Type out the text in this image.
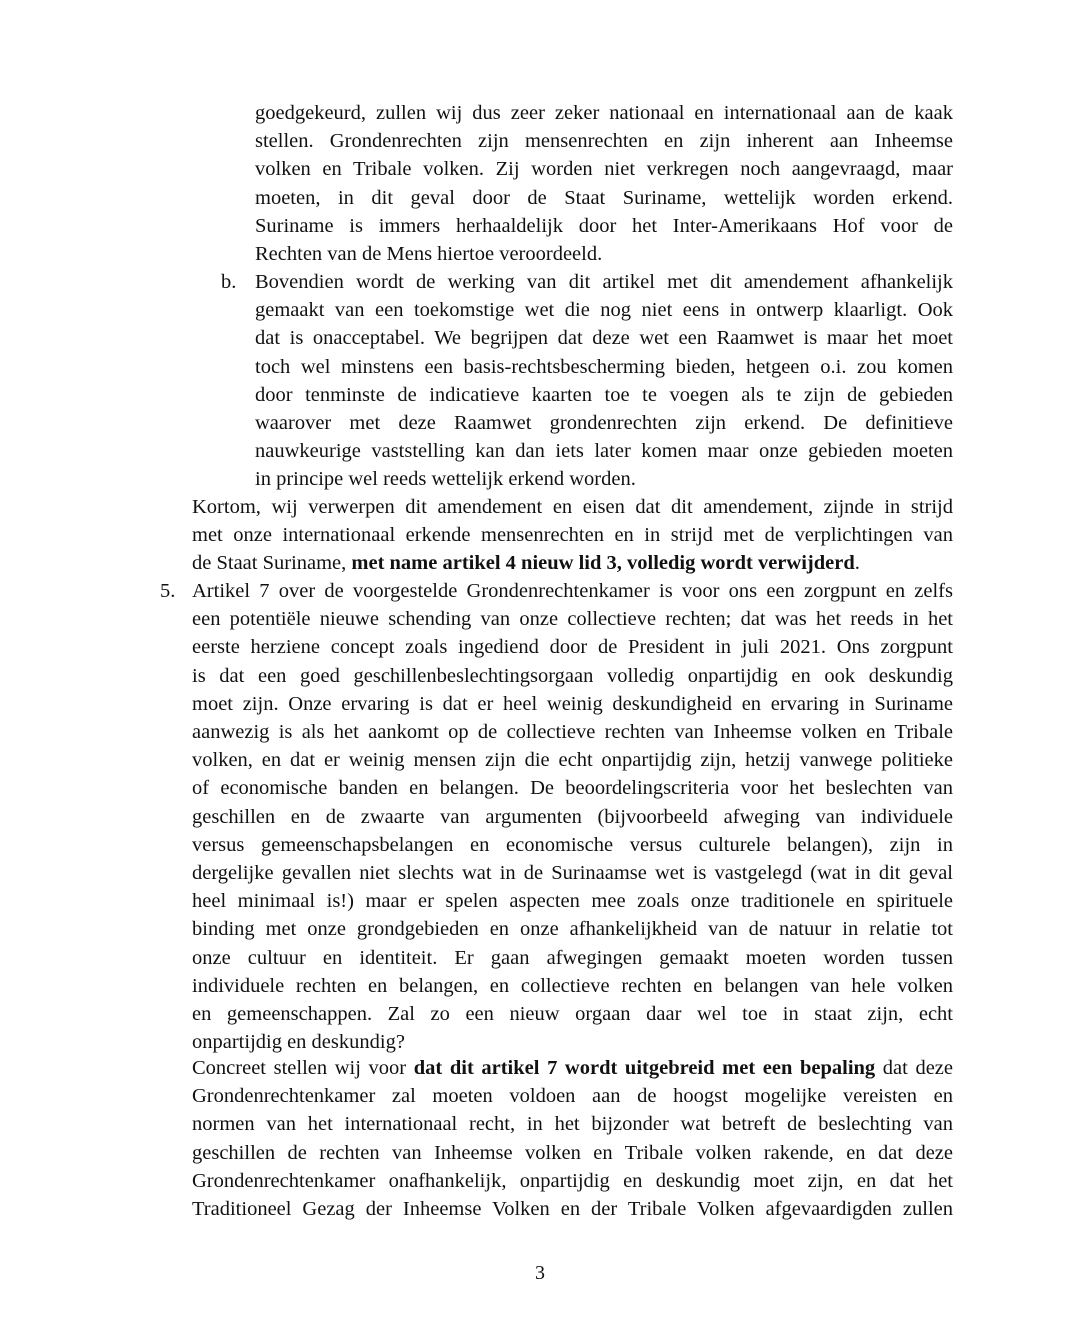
goedgekeurd, zullen wij dus zeer zeker nationaal en internationaal aan de kaak
stellen. Grondenrechten zijn mensenrechten en zijn inherent aan Inheemse
volken en Tribale volken. Zij worden niet verkregen noch aangevraagd, maar
moeten, in dit geval door de Staat Suriname, wettelijk worden erkend.
Suriname is immers herhaaldelijk door het Inter-Amerikaans Hof voor de
Rechten van de Mens hiertoe veroordeeld.
b. Bovendien wordt de werking van dit artikel met dit amendement afhankelijk
gemaakt van een toekomstige wet die nog niet eens in ontwerp klaarligt. Ook
dat is onacceptabel. We begrijpen dat deze wet een Raamwet is maar het moet
toch wel minstens een basis-rechtsbescherming bieden, hetgeen o.i. zou komen
door tenminste de indicatieve kaarten toe te voegen als te zijn de gebieden
waarover met deze Raamwet grondenrechten zijn erkend. De definitieve
nauwkeurige vaststelling kan dan iets later komen maar onze gebieden moeten
in principe wel reeds wettelijk erkend worden.
Kortom, wij verwerpen dit amendement en eisen dat dit amendement, zijnde in strijd
met onze internationaal erkende mensenrechten en in strijd met de verplichtingen van
de Staat Suriname, met name artikel 4 nieuw lid 3, volledig wordt verwijderd.
5. Artikel 7 over de voorgestelde Grondenrechtenkamer is voor ons een zorgpunt en zelfs
een potentiële nieuwe schending van onze collectieve rechten; dat was het reeds in het
eerste herziene concept zoals ingediend door de President in juli 2021. Ons zorgpunt
is dat een goed geschillenbeslechtingsorgaan volledig onpartijdig en ook deskundig
moet zijn. Onze ervaring is dat er heel weinig deskundigheid en ervaring in Suriname
aanwezig is als het aankomt op de collectieve rechten van Inheemse volken en Tribale
volken, en dat er weinig mensen zijn die echt onpartijdig zijn, hetzij vanwege politieke
of economische banden en belangen. De beoordelingscriteria voor het beslechten van
geschillen en de zwaarte van argumenten (bijvoorbeeld afweging van individuele
versus gemeenschapsbelangen en economische versus culturele belangen), zijn in
dergelijke gevallen niet slechts wat in de Surinaamse wet is vastgelegd (wat in dit geval
heel minimaal is!) maar er spelen aspecten mee zoals onze traditionele en spirituele
binding met onze grondgebieden en onze afhankelijkheid van de natuur in relatie tot
onze cultuur en identiteit. Er gaan afwegingen gemaakt moeten worden tussen
individuele rechten en belangen, en collectieve rechten en belangen van hele volken
en gemeenschappen. Zal zo een nieuw orgaan daar wel toe in staat zijn, echt
onpartijdig en deskundig?
Concreet stellen wij voor dat dit artikel 7 wordt uitgebreid met een bepaling dat deze
Grondenrechtenkamer zal moeten voldoen aan de hoogst mogelijke vereisten en
normen van het internationaal recht, in het bijzonder wat betreft de beslechting van
geschillen de rechten van Inheemse volken en Tribale volken rakende, en dat deze
Grondenrechtenkamer onafhankelijk, onpartijdig en deskundig moet zijn, en dat het
Traditioneel Gezag der Inheemse Volken en der Tribale Volken afgevaardigden zullen
3
